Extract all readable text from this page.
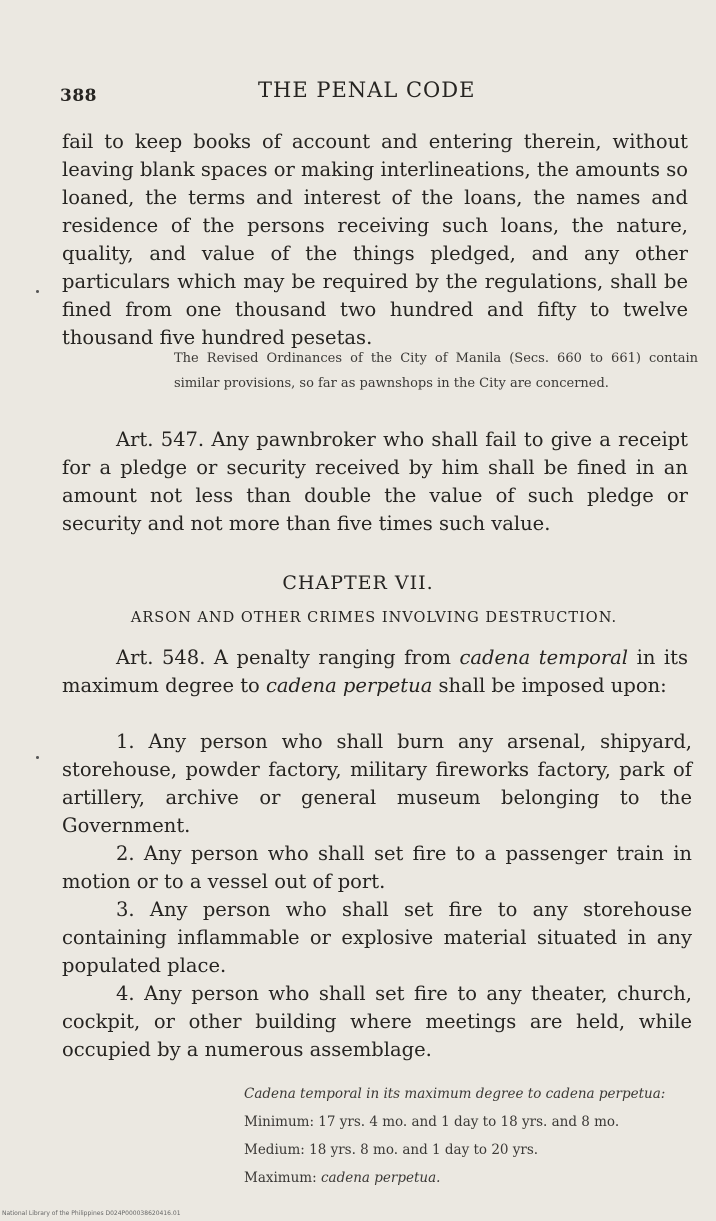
388	THE PENAL CODE
fail to keep books of account and entering therein, without leaving blank spaces or making interlineations, the amounts so loaned, the terms and interest of the loans, the names and residence of the persons receiving such loans, the nature, quality, and value of the things pledged, and any other particulars which may be required by the regulations, shall be fined from one thousand two hundred and fifty to twelve thousand five hundred pesetas.
The Revised Ordinances of the City of Manila (Secs. 660 to 661) contain similar provisions, so far as pawnshops in the City are concerned.
Art. 547. Any pawnbroker who shall fail to give a receipt for a pledge or security received by him shall be fined in an amount not less than double the value of such pledge or security and not more than five times such value.
CHAPTER VII.
ARSON AND OTHER CRIMES INVOLVING DESTRUCTION.
Art. 548. A penalty ranging from cadena temporal in its maximum degree to cadena perpetua shall be imposed upon:

1. Any person who shall burn any arsenal, shipyard, storehouse, powder factory, military fireworks factory, park of artillery, archive or general museum belonging to the Government.

2. Any person who shall set fire to a passenger train in motion or to a vessel out of port.

3. Any person who shall set fire to any storehouse containing inflammable or explosive material situated in any populated place.

4. Any person who shall set fire to any theater, church, cockpit, or other building where meetings are held, while occupied by a numerous assemblage.

Cadena temporal in its maximum degree to cadena perpetua:
Minimum: 17 yrs. 4 mo. and 1 day to 18 yrs. and 8 mo.
Medium: 18 yrs. 8 mo. and 1 day to 20 yrs.
Maximum: cadena perpetua.
National Library of the Philippines D024P000038620416.01
